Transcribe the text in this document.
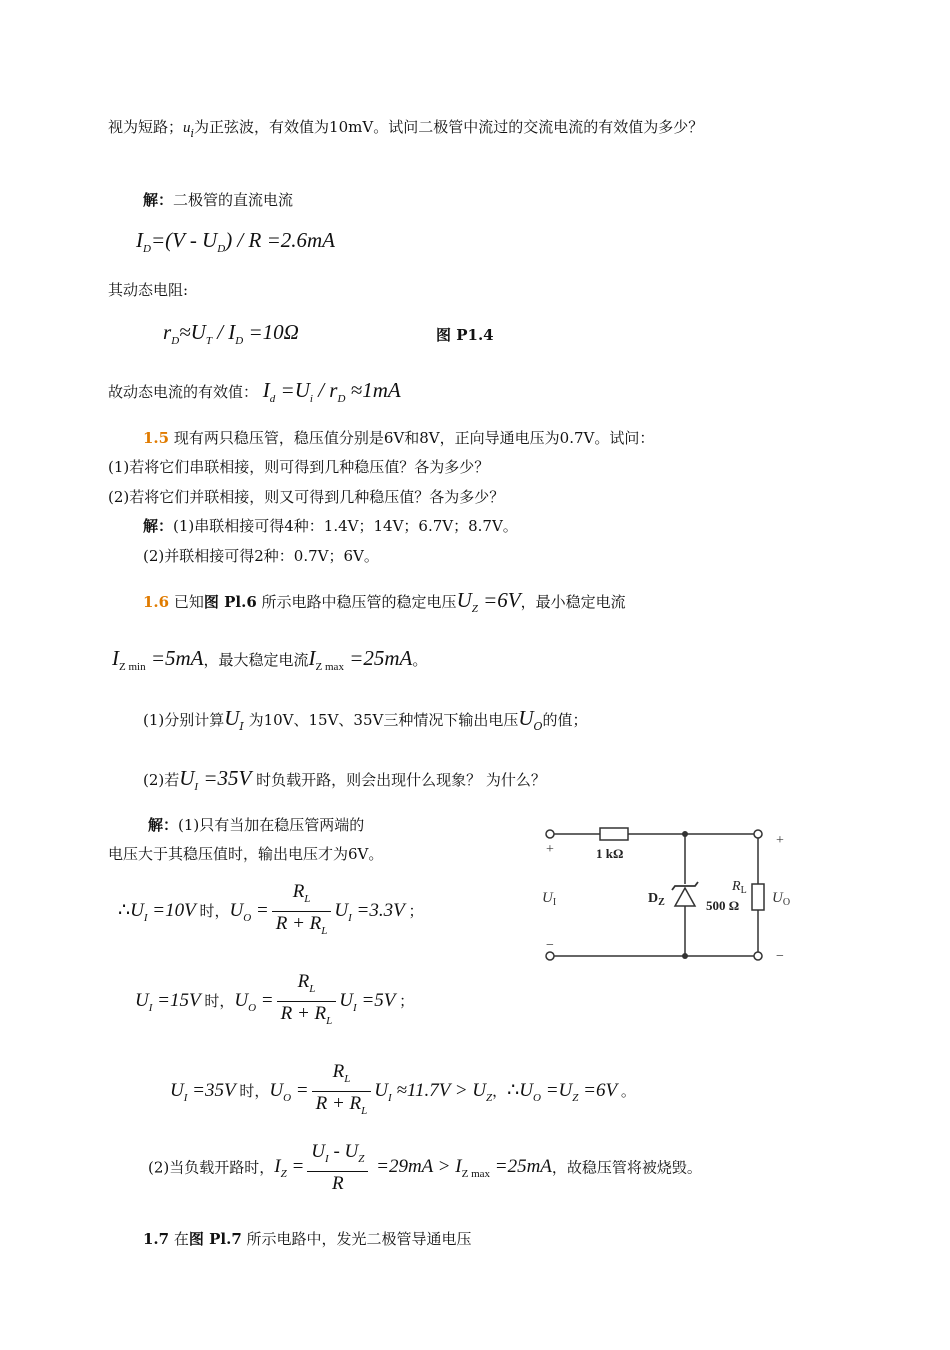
视为短路；$u_i$为正弦波，有效值为10mV。试问二极管中流过的交流电流的有效值为多少？
解：二极管的直流电流
$I_D=(V - U_D) / R =2.6mA$
其动态电阻:
$r_D\approx U_T / I_D =10\Omega$	图 P1.4
故动态电流的有效值： $I_d =U_i / r_D \approx 1mA$
1.5 现有两只稳压管，稳压值分别是6V和8V，正向导通电压为0.7V。试问：
(1)若将它们串联相接，则可得到几种稳压值？各为多少？
(2)若将它们并联相接，则又可得到几种稳压值？各为多少？
解：(1)串联相接可得4种：1.4V；14V；6.7V；8.7V。
(2)并联相接可得2种：0.7V；6V。
1.6 已知图 Pl.6 所示电路中稳压管的稳定电压$U_Z =6V$，最小稳定电流
$I_{Z min} =5mA$，最大稳定电流$I_{Z max} =25mA$。
(1)分别计算$U_I$ 为10V、15V、35V三种情况下输出电压$U_O$的值；
(2)若$U_I =35V$ 时负载开路，则会出现什么现象？ 为什么？
解：(1)只有当加在稳压管两端的
电压大于其稳压值时，输出电压才为6V。
$\therefore U_I =10V$ 时，$U_O = \frac{R_L}{R + R_L} U_I =3.3V$ ；
$U_I =15V$ 时，$U_O = \frac{R_L}{R + R_L} U_I =5V$ ；
$U_I =35V$ 时，$U_O = \frac{R_L}{R + R_L} U_I \approx 11.7V > U_Z$，$\therefore U_O =U_Z =6V$ 。
(2)当负载开路时，$I_Z = \frac{U_I - U_Z}{R} =29mA > I_{Z max} =25mA$，故稳压管将被烧毁。
1.7 在图 Pl.7 所示电路中，发光二极管导通电压
+
−
1 kΩ
$U_I$	$D_Z$
$R_L$
500 Ω $U_O$
+
−
